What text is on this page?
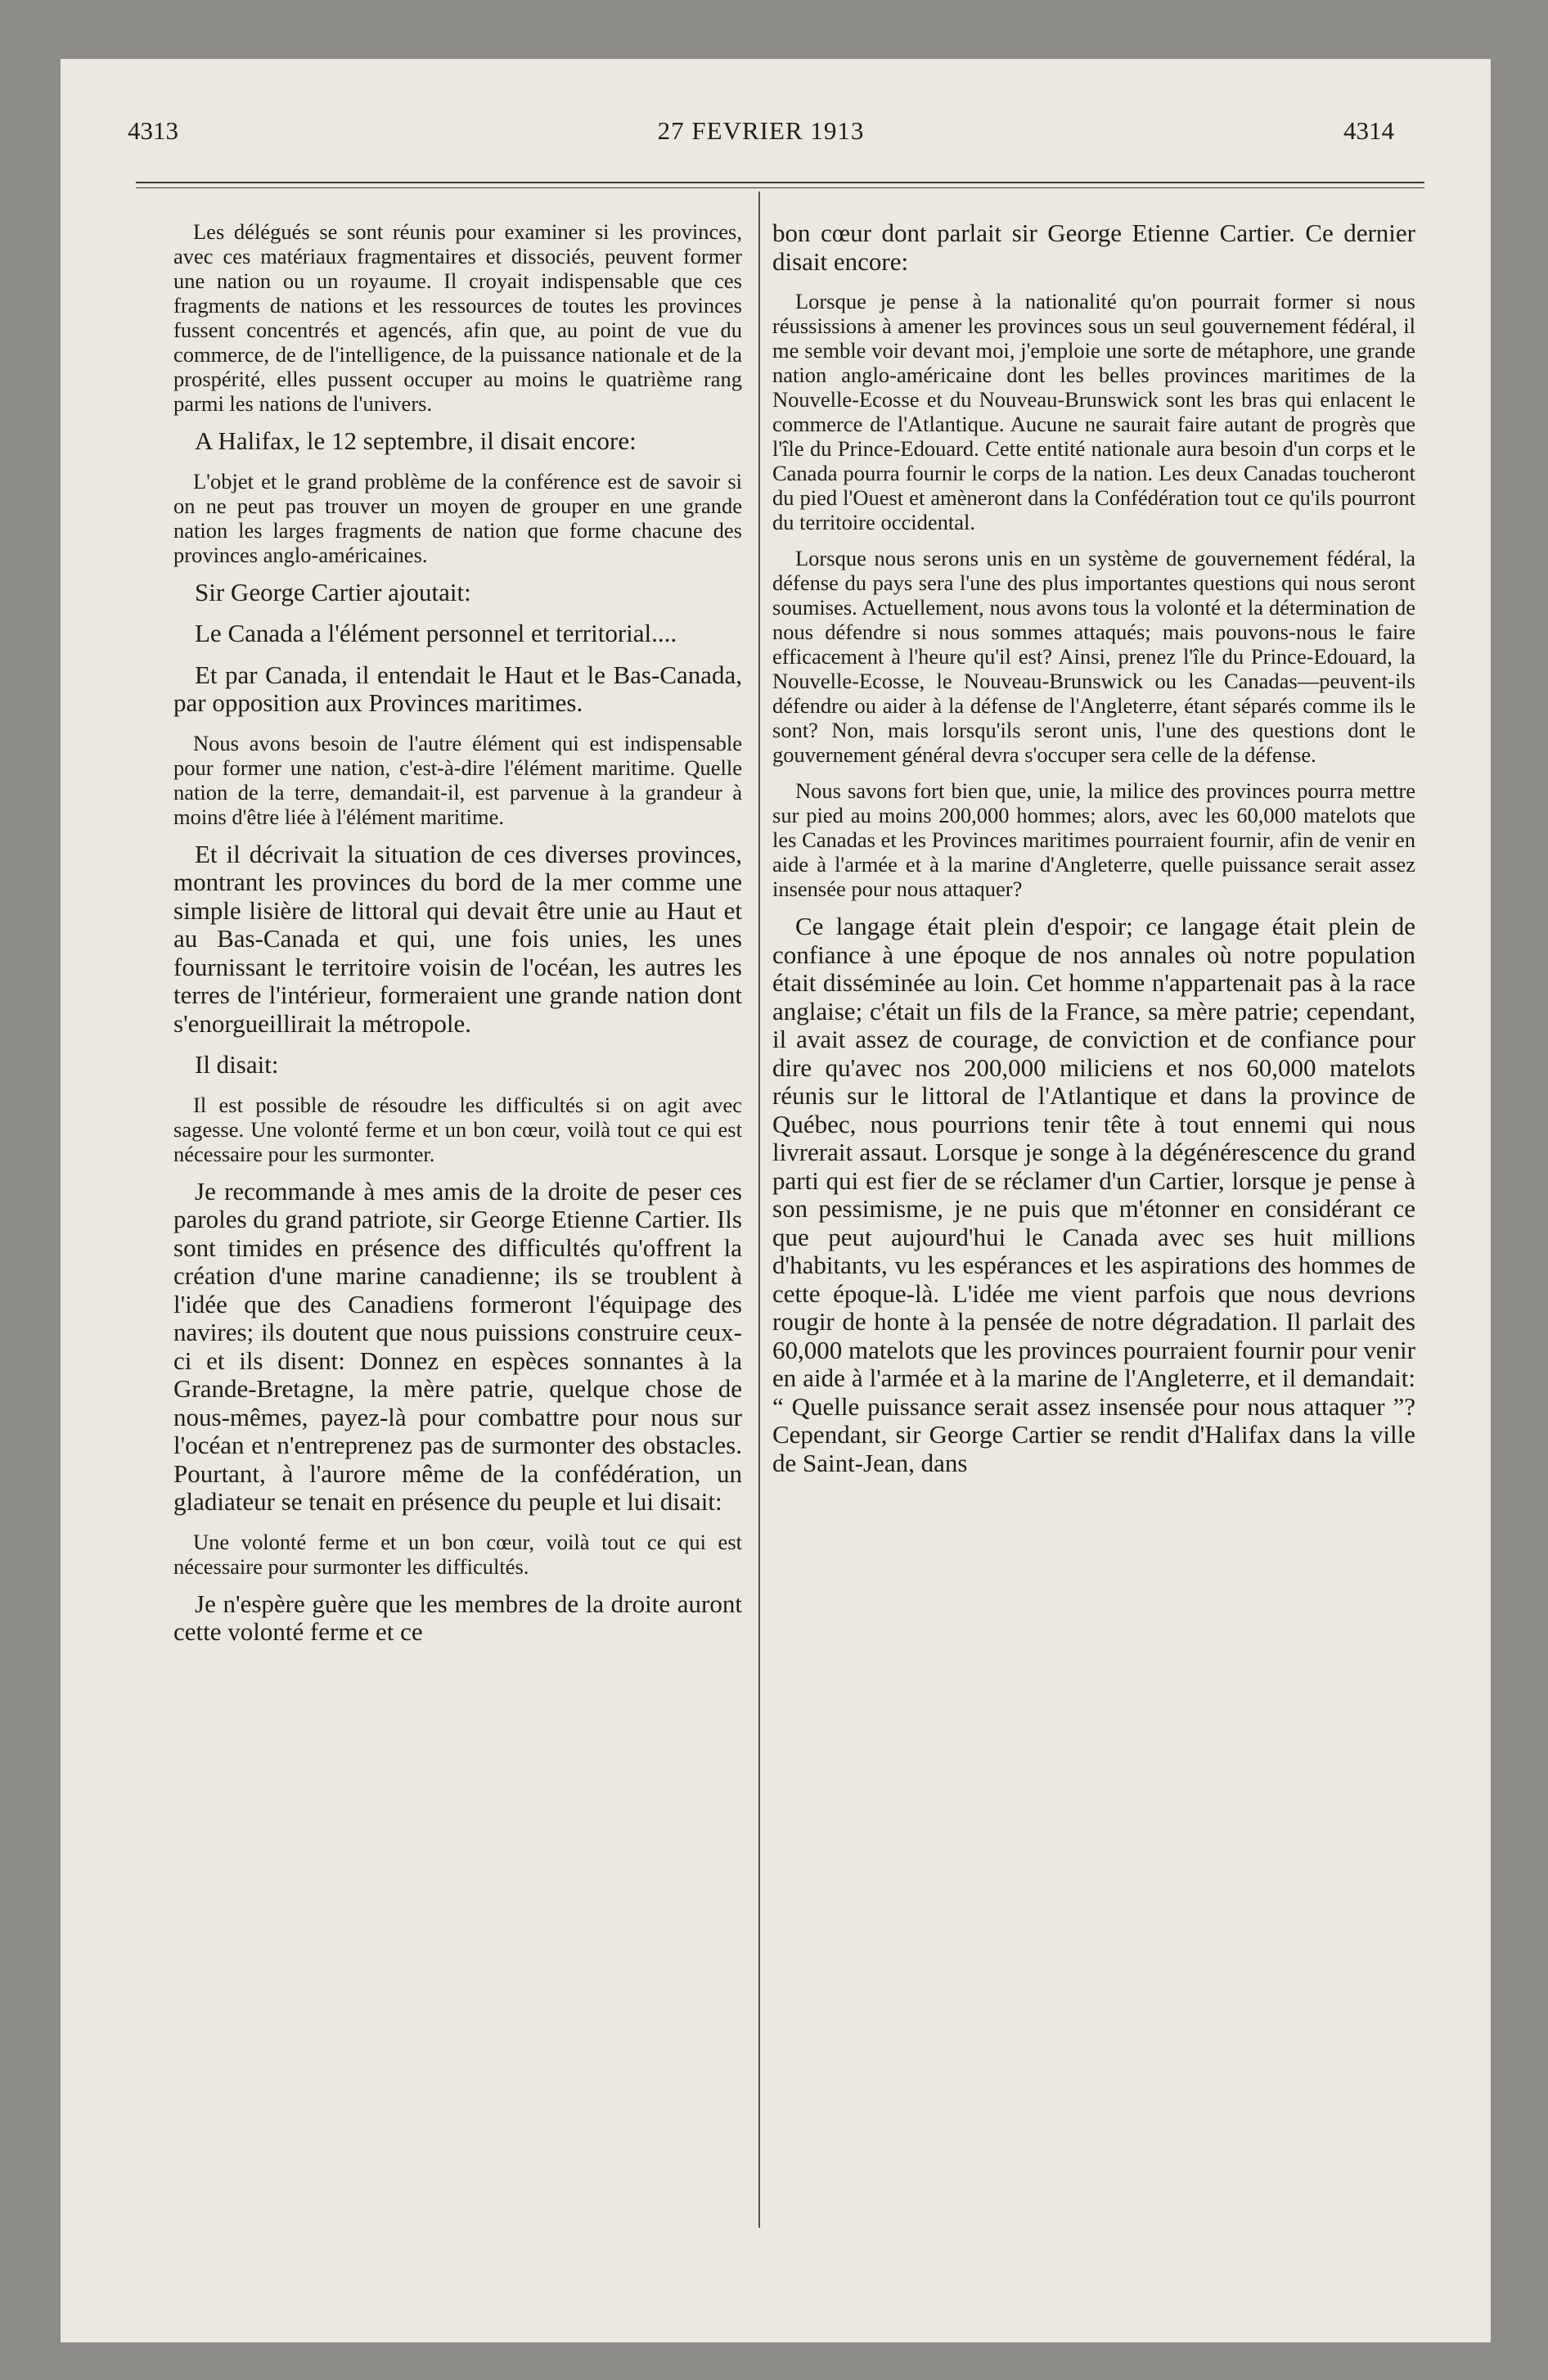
4313	27 FEVRIER 1913	4314

Les délégués se sont réunis pour examiner si les provinces, avec ces matériaux fragmentaires et dissociés, peuvent former une nation ou un royaume. Il croyait indispensable que ces fragments de nations et les ressources de toutes les provinces fussent concentrés et agencés, afin que, au point de vue du commerce, de de l'intelligence, de la puissance nationale et de la prospérité, elles pussent occuper au moins le quatrième rang parmi les nations de l'univers.

A Halifax, le 12 septembre, il disait encore:

L'objet et le grand problème de la conférence est de savoir si on ne peut pas trouver un moyen de grouper en une grande nation les larges fragments de nation que forme chacune des provinces anglo-américaines.

Sir George Cartier ajoutait:

Le Canada a l'élément personnel et territorial....

Et par Canada, il entendait le Haut et le Bas-Canada, par opposition aux Provinces maritimes.

Nous avons besoin de l'autre élément qui est indispensable pour former une nation, c'est-à-dire l'élément maritime. Quelle nation de la terre, demandait-il, est parvenue à la grandeur à moins d'être liée à l'élément maritime.

Et il décrivait la situation de ces diverses provinces, montrant les provinces du bord de la mer comme une simple lisière de littoral qui devait être unie au Haut et au Bas-Canada et qui, une fois unies, les unes fournissant le territoire voisin de l'océan, les autres les terres de l'intérieur, formeraient une grande nation dont s'enorgueillirait la métropole.

Il disait:

Il est possible de résoudre les difficultés si on agit avec sagesse. Une volonté ferme et un bon cœur, voilà tout ce qui est nécessaire pour les surmonter.

Je recommande à mes amis de la droite de peser ces paroles du grand patriote, sir George Etienne Cartier. Ils sont timides en présence des difficultés qu'offrent la création d'une marine canadienne; ils se troublent à l'idée que des Canadiens formeront l'équipage des navires; ils doutent que nous puissions construire ceux-ci et ils disent: Donnez en espèces sonnantes à la Grande-Bretagne, la mère patrie, quelque chose de nous-mêmes, payez-là pour combattre pour nous sur l'océan et n'entreprenez pas de surmonter des obstacles. Pourtant, à l'aurore même de la confédération, un gladiateur se tenait en présence du peuple et lui disait:

Une volonté ferme et un bon cœur, voilà tout ce qui est nécessaire pour surmonter les difficultés.

Je n'espère guère que les membres de la droite auront cette volonté ferme et ce

bon cœur dont parlait sir George Etienne Cartier. Ce dernier disait encore:

Lorsque je pense à la nationalité qu'on pourrait former si nous réussissions à amener les provinces sous un seul gouvernement fédéral, il me semble voir devant moi, j'emploie une sorte de métaphore, une grande nation anglo-américaine dont les belles provinces maritimes de la Nouvelle-Ecosse et du Nouveau-Brunswick sont les bras qui enlacent le commerce de l'Atlantique. Aucune ne saurait faire autant de progrès que l'île du Prince-Edouard. Cette entité nationale aura besoin d'un corps et le Canada pourra fournir le corps de la nation. Les deux Canadas toucheront du pied l'Ouest et amèneront dans la Confédération tout ce qu'ils pourront du territoire occidental.

Lorsque nous serons unis en un système de gouvernement fédéral, la défense du pays sera l'une des plus importantes questions qui nous seront soumises. Actuellement, nous avons tous la volonté et la détermination de nous défendre si nous sommes attaqués; mais pouvons-nous le faire efficacement à l'heure qu'il est? Ainsi, prenez l'île du Prince-Edouard, la Nouvelle-Ecosse, le Nouveau-Brunswick ou les Canadas—peuvent-ils défendre ou aider à la défense de l'Angleterre, étant séparés comme ils le sont? Non, mais lorsqu'ils seront unis, l'une des questions dont le gouvernement général devra s'occuper sera celle de la défense.

Nous savons fort bien que, unie, la milice des provinces pourra mettre sur pied au moins 200,000 hommes; alors, avec les 60,000 matelots que les Canadas et les Provinces maritimes pourraient fournir, afin de venir en aide à l'armée et à la marine d'Angleterre, quelle puissance serait assez insensée pour nous attaquer?

Ce langage était plein d'espoir; ce langage était plein de confiance à une époque de nos annales où notre population était disséminée au loin. Cet homme n'appartenait pas à la race anglaise; c'était un fils de la France, sa mère patrie; cependant, il avait assez de courage, de conviction et de confiance pour dire qu'avec nos 200,000 miliciens et nos 60,000 matelots réunis sur le littoral de l'Atlantique et dans la province de Québec, nous pourrions tenir tête à tout ennemi qui nous livrerait assaut. Lorsque je songe à la dégénérescence du grand parti qui est fier de se réclamer d'un Cartier, lorsque je pense à son pessimisme, je ne puis que m'étonner en considérant ce que peut aujourd'hui le Canada avec ses huit millions d'habitants, vu les espérances et les aspirations des hommes de cette époque-là. L'idée me vient parfois que nous devrions rougir de honte à la pensée de notre dégradation. Il parlait des 60,000 matelots que les provinces pourraient fournir pour venir en aide à l'armée et à la marine de l'Angleterre, et il demandait: “ Quelle puissance serait assez insensée pour nous attaquer ”? Cependant, sir George Cartier se rendit d'Halifax dans la ville de Saint-Jean, dans
